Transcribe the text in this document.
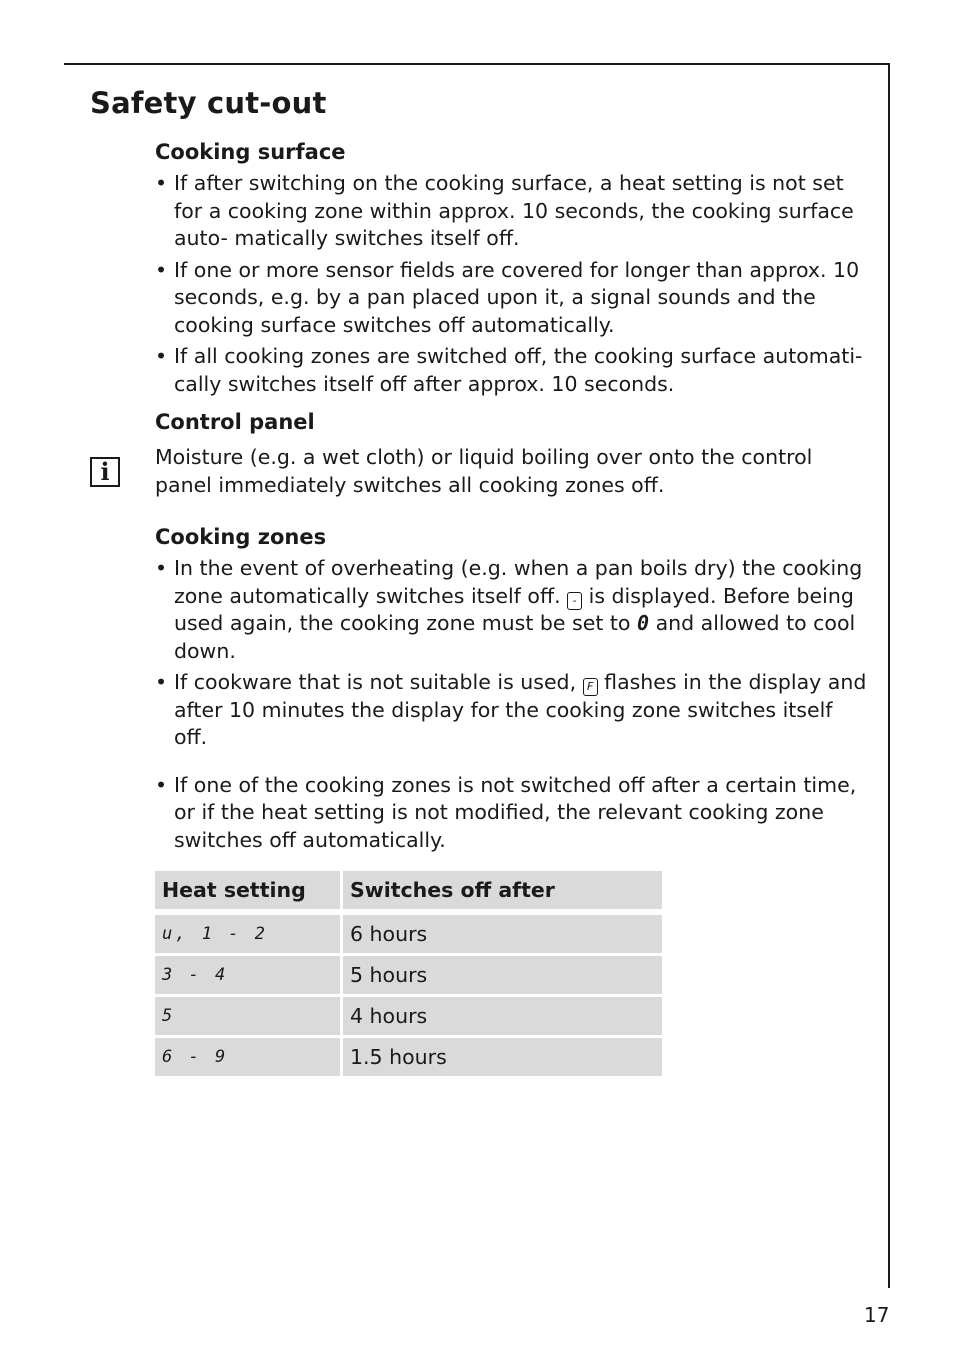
Safety cut-out
i
Cooking surface
• If after switching on the cooking surface, a heat setting is not set for a cooking zone within approx. 10 seconds, the cooking surface auto- matically switches itself off.
• If one or more sensor fields are covered for longer than approx. 10 seconds, e.g. by a pan placed upon it, a signal sounds and the cooking surface switches off automatically.
• If all cooking zones are switched off, the cooking surface automati- cally switches itself off after approx. 10 seconds.
Control panel
Moisture (e.g. a wet cloth) or liquid boiling over onto the control panel immediately switches all cooking zones off.
Cooking zones
• In the event of overheating (e.g. when a pan boils dry) the cooking zone automatically switches itself off. - is displayed. Before being used again, the cooking zone must be set to 0 and allowed to cool down.
• If cookware that is not suitable is used, F flashes in the display and after 10 minutes the display for the cooking zone switches itself off.
• If one of the cooking zones is not switched off after a certain time, or if the heat setting is not modified, the relevant cooking zone switches off automatically.
Heat setting	Switches off after
u, 1 - 2	6 hours
3 - 4	5 hours
5	4 hours
6 - 9	1.5 hours
17
